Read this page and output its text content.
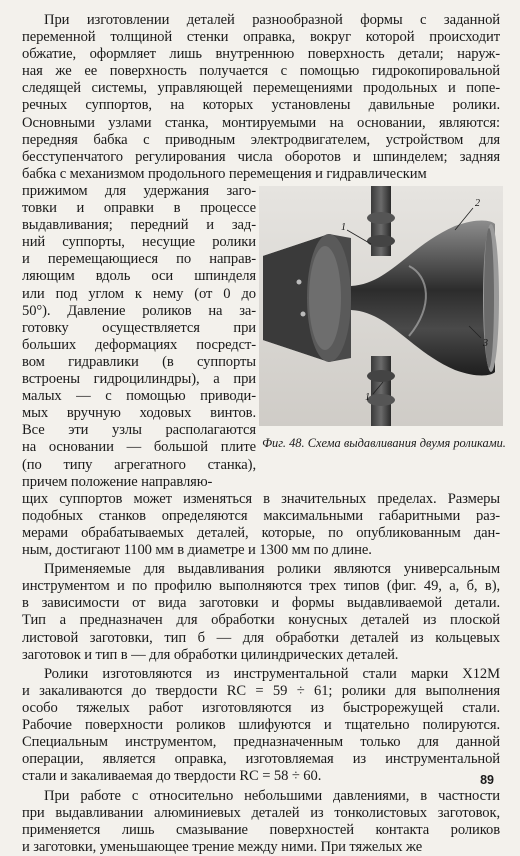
При изготовлении деталей разнообразной формы с заданной
переменной толщиной стенки оправка, вокруг которой происходит
обжатие, оформляет лишь внутреннюю поверхность детали; наруж-
ная же ее поверхность получается с помощью гидрокопировальной
следящей системы, управляющей перемещениями продольных и попе-
речных суппортов, на которых установлены давильные ролики.
Основными узлами станка, монтируемыми на основании, являются:
передняя бабка с приводным электродвигателем, устройством для
бесступенчатого регулирования числа оборотов и шпинделем; задняя
бабка с механизмом продольного перемещения и гидравлическим
прижимом для удержания заго-
товки и оправки в процессе
выдавливания; передний и зад-
ний суппорты, несущие ролики
и перемещающиеся по направ-
ляющим вдоль оси шпинделя
или под углом к нему (от 0 до
50°). Давление роликов на за-
готовку осуществляется при
больших деформациях посредст-
вом гидравлики (в суппорты
встроены гидроцилиндры), а при
малых — с помощью приводи-
мых вручную ходовых винтов.
Все эти узлы располагаются
на основании — большой плите
(по типу агрегатного станка),
причем положение направляю-
щих суппортов может изменяться в значительных пределах. Размеры
подобных станков определяются максимальными габаритными раз-
мерами обрабатываемых деталей, которые, по опубликованным дан-
ным, достигают 1100 мм в диаметре и 1300 мм по длине.
Применяемые для выдавливания ролики являются универсальным
инструментом и по профилю выполняются трех типов (фиг. 49, а, б, в),
в зависимости от вида заготовки и формы выдавливаемой детали.
Тип а предназначен для обработки конусных деталей из плоской
листовой заготовки, тип б — для обработки деталей из кольцевых
заготовок и тип в — для обработки цилиндрических деталей.
Ролики изготовляются из инструментальной стали марки Х12М
и закаливаются до твердости RC = 59 ÷ 61; ролики для выполнения
особо тяжелых работ изготовляются из быстрорежущей стали.
Рабочие поверхности роликов шлифуются и тщательно полируются.
Специальным инструментом, предназначенным только для данной
операции, является оправка, изготовляемая из инструментальной
стали и закаливаемая до твердости RC = 58 ÷ 60.
При работе с относительно небольшими давлениями, в частности
при выдавливании алюминиевых деталей из тонколистовых заготовок,
применяется лишь смазывание поверхностей контакта роликов
и заготовки, уменьшающее трение между ними. При тяжелых же
1
2
3
1
Фиг. 48. Схема выдавливания двумя роликами.
89
